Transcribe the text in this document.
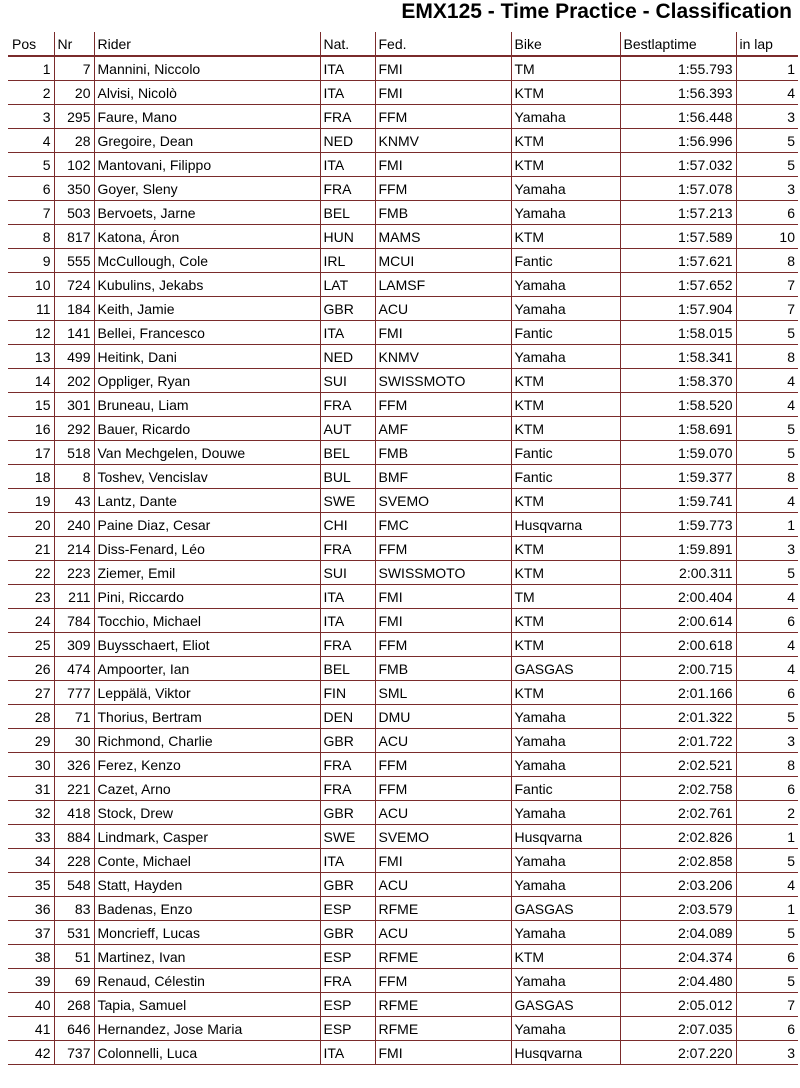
EMX125 - Time Practice - Classification
Pos	Nr	Rider	Nat.	Fed.	Bike	Bestlaptime	in lap
1	7	Mannini, Niccolo	ITA	FMI	TM	1:55.793	1
2	20	Alvisi, Nicolò	ITA	FMI	KTM	1:56.393	4
3	295	Faure, Mano	FRA	FFM	Yamaha	1:56.448	3
4	28	Gregoire, Dean	NED	KNMV	KTM	1:56.996	5
5	102	Mantovani, Filippo	ITA	FMI	KTM	1:57.032	5
6	350	Goyer, Sleny	FRA	FFM	Yamaha	1:57.078	3
7	503	Bervoets, Jarne	BEL	FMB	Yamaha	1:57.213	6
8	817	Katona, Áron	HUN	MAMS	KTM	1:57.589	10
9	555	McCullough, Cole	IRL	MCUI	Fantic	1:57.621	8
10	724	Kubulins, Jekabs	LAT	LAMSF	Yamaha	1:57.652	7
11	184	Keith, Jamie	GBR	ACU	Yamaha	1:57.904	7
12	141	Bellei, Francesco	ITA	FMI	Fantic	1:58.015	5
13	499	Heitink, Dani	NED	KNMV	Yamaha	1:58.341	8
14	202	Oppliger, Ryan	SUI	SWISSMOTO	KTM	1:58.370	4
15	301	Bruneau, Liam	FRA	FFM	KTM	1:58.520	4
16	292	Bauer, Ricardo	AUT	AMF	KTM	1:58.691	5
17	518	Van Mechgelen, Douwe	BEL	FMB	Fantic	1:59.070	5
18	8	Toshev, Vencislav	BUL	BMF	Fantic	1:59.377	8
19	43	Lantz, Dante	SWE	SVEMO	KTM	1:59.741	4
20	240	Paine Diaz, Cesar	CHI	FMC	Husqvarna	1:59.773	1
21	214	Diss-Fenard, Léo	FRA	FFM	KTM	1:59.891	3
22	223	Ziemer, Emil	SUI	SWISSMOTO	KTM	2:00.311	5
23	211	Pini, Riccardo	ITA	FMI	TM	2:00.404	4
24	784	Tocchio, Michael	ITA	FMI	KTM	2:00.614	6
25	309	Buysschaert, Eliot	FRA	FFM	KTM	2:00.618	4
26	474	Ampoorter, Ian	BEL	FMB	GASGAS	2:00.715	4
27	777	Leppälä, Viktor	FIN	SML	KTM	2:01.166	6
28	71	Thorius, Bertram	DEN	DMU	Yamaha	2:01.322	5
29	30	Richmond, Charlie	GBR	ACU	Yamaha	2:01.722	3
30	326	Ferez, Kenzo	FRA	FFM	Yamaha	2:02.521	8
31	221	Cazet, Arno	FRA	FFM	Fantic	2:02.758	6
32	418	Stock, Drew	GBR	ACU	Yamaha	2:02.761	2
33	884	Lindmark, Casper	SWE	SVEMO	Husqvarna	2:02.826	1
34	228	Conte, Michael	ITA	FMI	Yamaha	2:02.858	5
35	548	Statt, Hayden	GBR	ACU	Yamaha	2:03.206	4
36	83	Badenas, Enzo	ESP	RFME	GASGAS	2:03.579	1
37	531	Moncrieff, Lucas	GBR	ACU	Yamaha	2:04.089	5
38	51	Martinez, Ivan	ESP	RFME	KTM	2:04.374	6
39	69	Renaud, Célestin	FRA	FFM	Yamaha	2:04.480	5
40	268	Tapia, Samuel	ESP	RFME	GASGAS	2:05.012	7
41	646	Hernandez, Jose Maria	ESP	RFME	Yamaha	2:07.035	6
42	737	Colonnelli, Luca	ITA	FMI	Husqvarna	2:07.220	3
